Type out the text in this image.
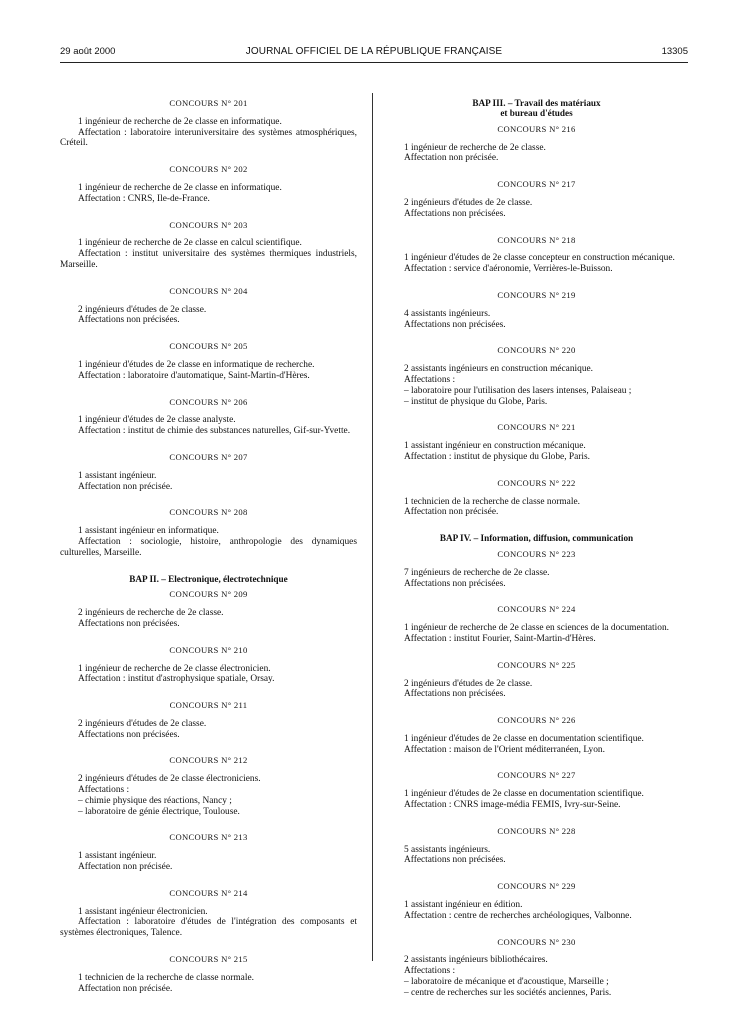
29 août 2000	JOURNAL OFFICIEL DE LA RÉPUBLIQUE FRANÇAISE	13305
CONCOURS N° 201
1 ingénieur de recherche de 2e classe en informatique.
Affectation : laboratoire interuniversitaire des systèmes atmosphériques, Créteil.
CONCOURS N° 202
1 ingénieur de recherche de 2e classe en informatique.
Affectation : CNRS, Ile-de-France.
CONCOURS N° 203
1 ingénieur de recherche de 2e classe en calcul scientifique.
Affectation : institut universitaire des systèmes thermiques industriels, Marseille.
CONCOURS N° 204
2 ingénieurs d'études de 2e classe.
Affectations non précisées.
CONCOURS N° 205
1 ingénieur d'études de 2e classe en informatique de recherche.
Affectation : laboratoire d'automatique, Saint-Martin-d'Hères.
CONCOURS N° 206
1 ingénieur d'études de 2e classe analyste.
Affectation : institut de chimie des substances naturelles, Gif-sur-Yvette.
CONCOURS N° 207
1 assistant ingénieur.
Affectation non précisée.
CONCOURS N° 208
1 assistant ingénieur en informatique.
Affectation : sociologie, histoire, anthropologie des dynamiques culturelles, Marseille.
BAP II. – Electronique, électrotechnique
CONCOURS N° 209
2 ingénieurs de recherche de 2e classe.
Affectations non précisées.
CONCOURS N° 210
1 ingénieur de recherche de 2e classe électronicien.
Affectation : institut d'astrophysique spatiale, Orsay.
CONCOURS N° 211
2 ingénieurs d'études de 2e classe.
Affectations non précisées.
CONCOURS N° 212
2 ingénieurs d'études de 2e classe électroniciens.
Affectations :
– chimie physique des réactions, Nancy ;
– laboratoire de génie électrique, Toulouse.
CONCOURS N° 213
1 assistant ingénieur.
Affectation non précisée.
CONCOURS N° 214
1 assistant ingénieur électronicien.
Affectation : laboratoire d'études de l'intégration des composants et systèmes électroniques, Talence.
CONCOURS N° 215
1 technicien de la recherche de classe normale.
Affectation non précisée.
BAP III. – Travail des matériaux
et bureau d'études
CONCOURS N° 216
1 ingénieur de recherche de 2e classe.
Affectation non précisée.
CONCOURS N° 217
2 ingénieurs d'études de 2e classe.
Affectations non précisées.
CONCOURS N° 218
1 ingénieur d'études de 2e classe concepteur en construction mécanique.
Affectation : service d'aéronomie, Verrières-le-Buisson.
CONCOURS N° 219
4 assistants ingénieurs.
Affectations non précisées.
CONCOURS N° 220
2 assistants ingénieurs en construction mécanique.
Affectations :
– laboratoire pour l'utilisation des lasers intenses, Palaiseau ;
– institut de physique du Globe, Paris.
CONCOURS N° 221
1 assistant ingénieur en construction mécanique.
Affectation : institut de physique du Globe, Paris.
CONCOURS N° 222
1 technicien de la recherche de classe normale.
Affectation non précisée.
BAP IV. – Information, diffusion, communication
CONCOURS N° 223
7 ingénieurs de recherche de 2e classe.
Affectations non précisées.
CONCOURS N° 224
1 ingénieur de recherche de 2e classe en sciences de la documentation.
Affectation : institut Fourier, Saint-Martin-d'Hères.
CONCOURS N° 225
2 ingénieurs d'études de 2e classe.
Affectations non précisées.
CONCOURS N° 226
1 ingénieur d'études de 2e classe en documentation scientifique.
Affectation : maison de l'Orient méditerranéen, Lyon.
CONCOURS N° 227
1 ingénieur d'études de 2e classe en documentation scientifique.
Affectation : CNRS image-média FEMIS, Ivry-sur-Seine.
CONCOURS N° 228
5 assistants ingénieurs.
Affectations non précisées.
CONCOURS N° 229
1 assistant ingénieur en édition.
Affectation : centre de recherches archéologiques, Valbonne.
CONCOURS N° 230
2 assistants ingénieurs bibliothécaires.
Affectations :
– laboratoire de mécanique et d'acoustique, Marseille ;
– centre de recherches sur les sociétés anciennes, Paris.
